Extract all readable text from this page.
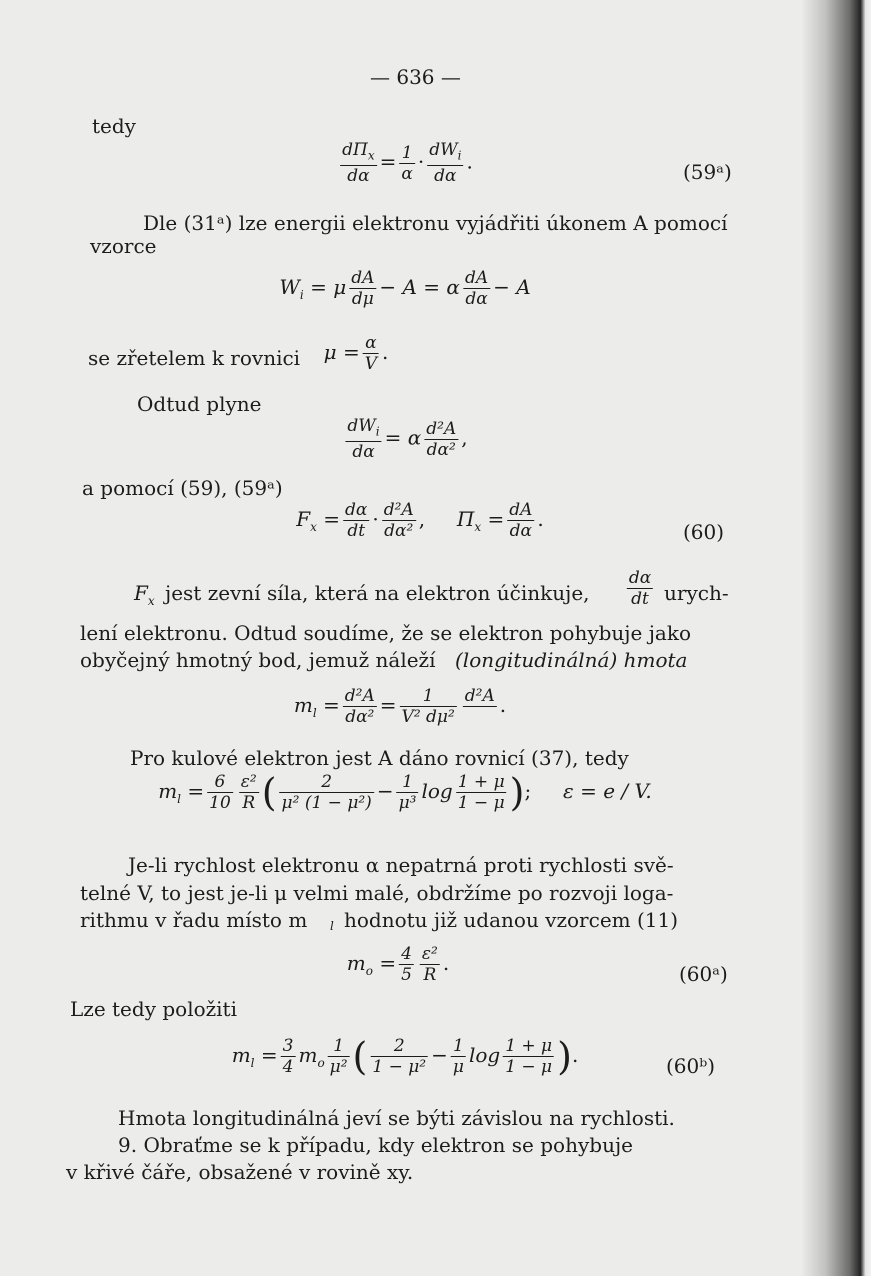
— 636 —
tedy
$\frac{d\Pi_x}{d\alpha} = \frac{1}{\alpha} \cdot \frac{dW_i}{d\alpha}$ .	(59ᵃ)
Dle (31ᵃ) lze energii elektronu vyjádřiti úkonem A pomocí
vzorce
$W_i = \mu \frac{dA}{d\mu} - A = \alpha \frac{dA}{d\alpha} - A$
se zřetelem k rovnici $\mu = \frac{\alpha}{V}$ .
Odtud plyne
$\frac{dW_i}{d\alpha} = \alpha \frac{\text{d²A}}{\text{dα²}}$ ,
a pomocí (59), (59ᵃ)
$F_x = \frac{d\alpha}{dt} \cdot \frac{\text{d²A}}{\text{dα²}}$ ,     $\Pi_x = \frac{dA}{d\alpha}$ .
(60)
$F_x$ jest zevní síla, která na elektron účinkuje, $\frac{d\alpha}{dt}$ urych-
lení elektronu. Odtud soudíme, že se elektron pohybuje jako
obyčejný hmotný bod, jemuž náleží (longitudinálná) hmota
$m_l = \frac{\text{d²A}}{\text{dα²}} = \frac{1}{\text{V² dμ²}} d^2A$
.
Pro kulové elektron jest A dáno rovnicí (37), tedy
$m_l = \frac{6}{10} \frac{\text{ε²}}{R}$ ( $\frac{2}{\text{μ² (1 − μ²)}} - \frac{1}{\text{μ³}}$ $\log \frac{1 + \mu}{1 - \mu}$ );     ε = e / V.
Je-li rychlost elektronu α nepatrná proti rychlosti svě-
telné V, to jest je-li μ velmi malé, obdržíme po rozvoji loga-
rithmu v řadu místo m l hodnotu již udanou vzorcem (11)
$m_o = \frac{4}{5} \frac{\text{ε²}}{R}$ .	(60ᵃ)
Lze tedy položiti
$m_l = \frac{3}{4} m_o \frac{1}{\text{μ²}}$ ( $\frac{2}{\text{1 − μ²}} - \frac{1}{\mu}$ $\log \frac{1 + \mu}{1 - \mu}$ ).	(60ᵇ)
Hmota longitudinálná jeví se býti závislou na rychlosti.
9. Obraťme se k případu, kdy elektron se pohybuje
v křivé čáře, obsažené v rovině xy.
